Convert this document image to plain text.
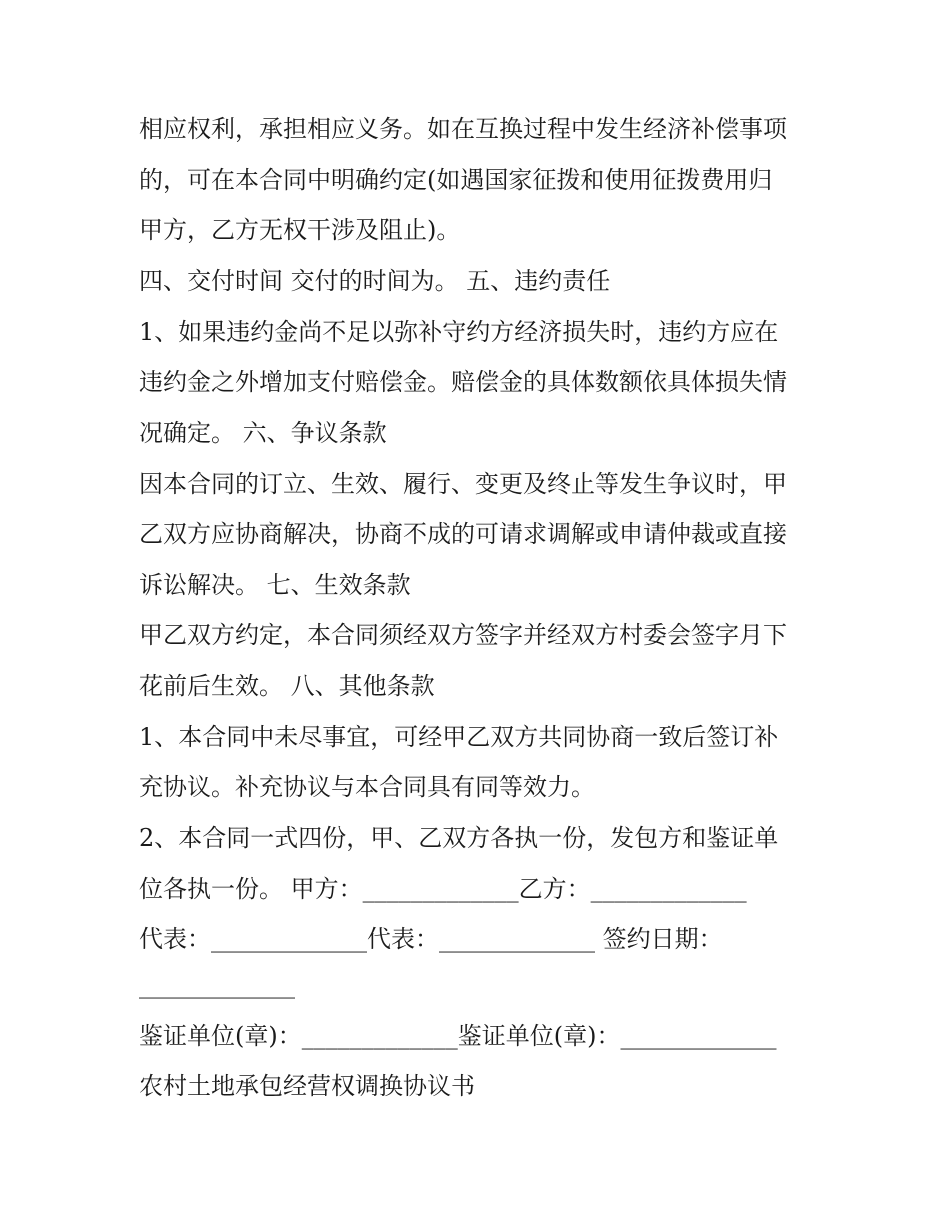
相应权利，承担相应义务。如在互换过程中发生经济补偿事项

的，可在本合同中明确约定(如遇国家征拨和使用征拨费用归

甲方，乙方无权干涉及阻止)。

四、交付时间 交付的时间为。 五、违约责任

1、如果违约金尚不足以弥补守约方经济损失时，违约方应在

违约金之外增加支付赔偿金。赔偿金的具体数额依具体损失情

况确定。 六、争议条款

因本合同的订立、生效、履行、变更及终止等发生争议时，甲

乙双方应协商解决，协商不成的可请求调解或申请仲裁或直接

诉讼解决。 七、生效条款

甲乙双方约定，本合同须经双方签字并经双方村委会签字月下

花前后生效。 八、其他条款

1、本合同中未尽事宜，可经甲乙双方共同协商一致后签订补

充协议。补充协议与本合同具有同等效力。

2、本合同一式四份，甲、乙双方各执一份，发包方和鉴证单

位各执一份。 甲方：_____________乙方：_____________

代表：_____________代表：_____________ 签约日期：

_____________

鉴证单位(章)：_____________鉴证单位(章)：_____________

农村土地承包经营权调换协议书
